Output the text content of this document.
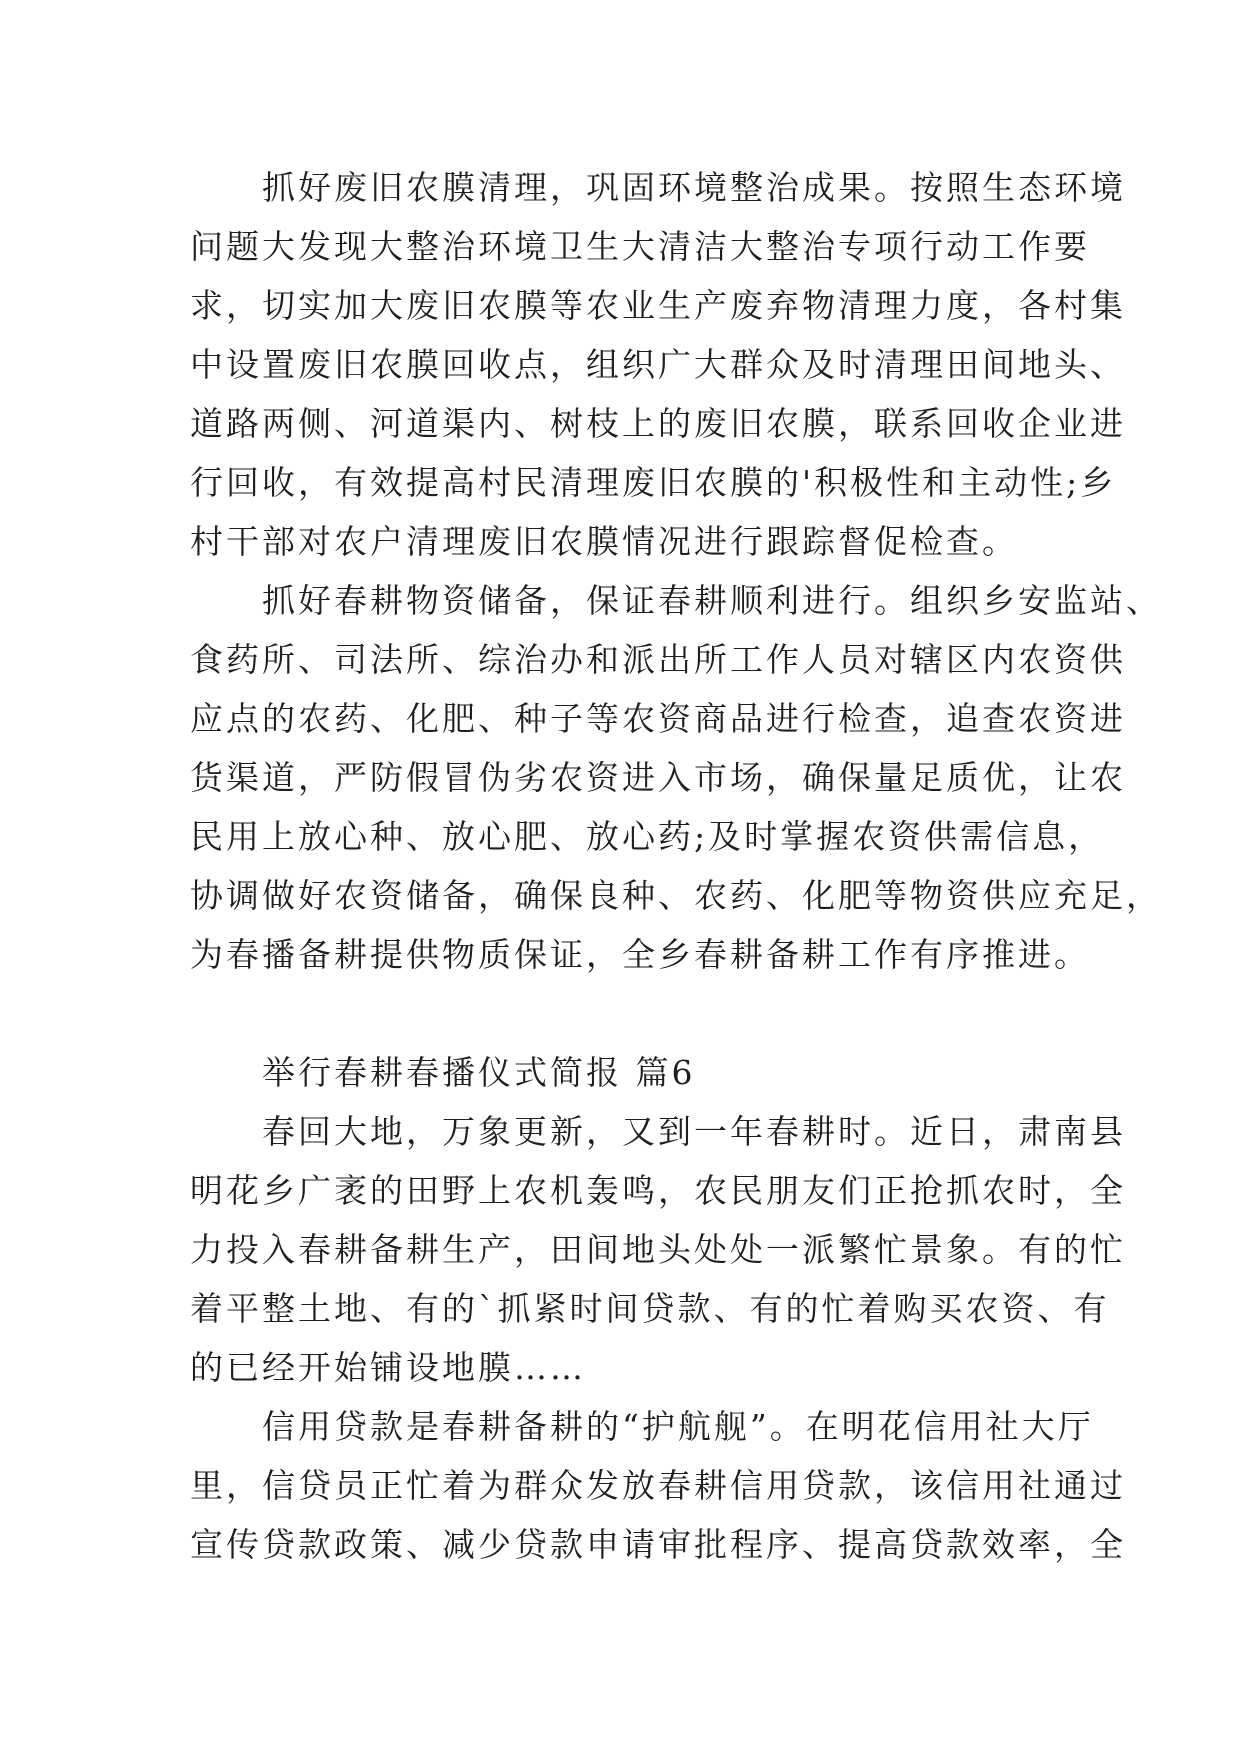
　　抓好废旧农膜清理，巩固环境整治成果。按照生态环境
问题大发现大整治环境卫生大清洁大整治专项行动工作要
求，切实加大废旧农膜等农业生产废弃物清理力度，各村集
中设置废旧农膜回收点，组织广大群众及时清理田间地头、
道路两侧、河道渠内、树枝上的废旧农膜，联系回收企业进
行回收，有效提高村民清理废旧农膜的'积极性和主动性;乡
村干部对农户清理废旧农膜情况进行跟踪督促检查。
　　抓好春耕物资储备，保证春耕顺利进行。组织乡安监站、
食药所、司法所、综治办和派出所工作人员对辖区内农资供
应点的农药、化肥、种子等农资商品进行检查，追查农资进
货渠道，严防假冒伪劣农资进入市场，确保量足质优，让农
民用上放心种、放心肥、放心药;及时掌握农资供需信息，
协调做好农资储备，确保良种、农药、化肥等物资供应充足，
为春播备耕提供物质保证，全乡春耕备耕工作有序推进。
　　举行春耕春播仪式简报 篇6
　　春回大地，万象更新，又到一年春耕时。近日，肃南县
明花乡广袤的田野上农机轰鸣，农民朋友们正抢抓农时，全
力投入春耕备耕生产，田间地头处处一派繁忙景象。有的忙
着平整土地、有的`抓紧时间贷款、有的忙着购买农资、有
的已经开始铺设地膜……
　　信用贷款是春耕备耕的“护航舰”。在明花信用社大厅
里，信贷员正忙着为群众发放春耕信用贷款，该信用社通过
宣传贷款政策、减少贷款申请审批程序、提高贷款效率，全
